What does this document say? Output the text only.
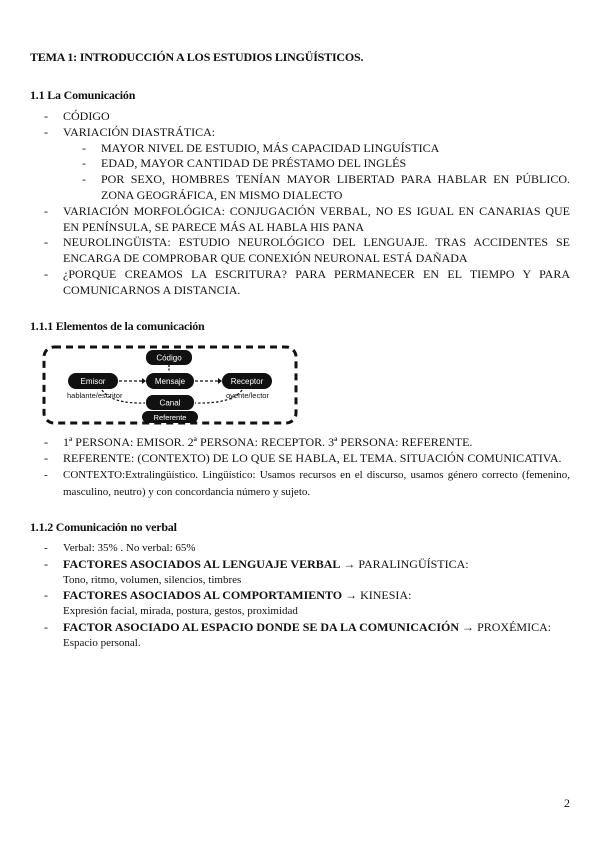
TEMA 1: INTRODUCCIÓN A LOS ESTUDIOS LINGÜÍSTICOS.
1.1 La Comunicación
- CÓDIGO
- VARIACIÓN DIASTRÁTICA:
- MAYOR NIVEL DE ESTUDIO, MÁS CAPACIDAD LINGUÍSTICA
- EDAD, MAYOR CANTIDAD DE PRÉSTAMO DEL INGLÉS
- POR SEXO, HOMBRES TENÍAN MAYOR LIBERTAD PARA HABLAR EN PÚBLICO. ZONA GEOGRÁFICA, EN MISMO DIALECTO
- VARIACIÓN MORFOLÓGICA: CONJUGACIÓN VERBAL, NO ES IGUAL EN CANARIAS QUE EN PENÍNSULA, SE PARECE MÁS AL HABLA HIS PANA
- NEUROLINGÜISTA: ESTUDIO NEUROLÓGICO DEL LENGUAJE. TRAS ACCIDENTES SE ENCARGA DE COMPROBAR QUE CONEXIÓN NEURONAL ESTÁ DAÑADA
- ¿PORQUE CREAMOS LA ESCRITURA? PARA PERMANECER EN EL TIEMPO Y PARA COMUNICARNOS A DISTANCIA.
1.1.1 Elementos de la comunicación
Código
Emisor	Mensaje	Receptor
hablante/escritor	oyente/lector
Canal
Referente
- 1ª PERSONA: EMISOR. 2ª PERSONA: RECEPTOR. 3ª PERSONA: REFERENTE.
- REFERENTE: (CONTEXTO) DE LO QUE SE HABLA, EL TEMA. SITUACIÓN COMUNICATIVA.
- CONTEXTO:Extralingüístico. Lingüístico: Usamos recursos en el discurso, usamos género correcto (femenino, masculino, neutro) y con concordancia número y sujeto.
1.1.2 Comunicación no verbal
- Verbal: 35% . No verbal: 65%
- FACTORES ASOCIADOS AL LENGUAJE VERBAL → PARALINGÜÍSTICA:
Tono, ritmo, volumen, silencios, timbres
- FACTORES ASOCIADOS AL COMPORTAMIENTO → KINESIA:
Expresión facial, mirada, postura, gestos, proximidad
- FACTOR ASOCIADO AL ESPACIO DONDE SE DA LA COMUNICACIÓN → PROXÉMICA:
Espacio personal.
2
